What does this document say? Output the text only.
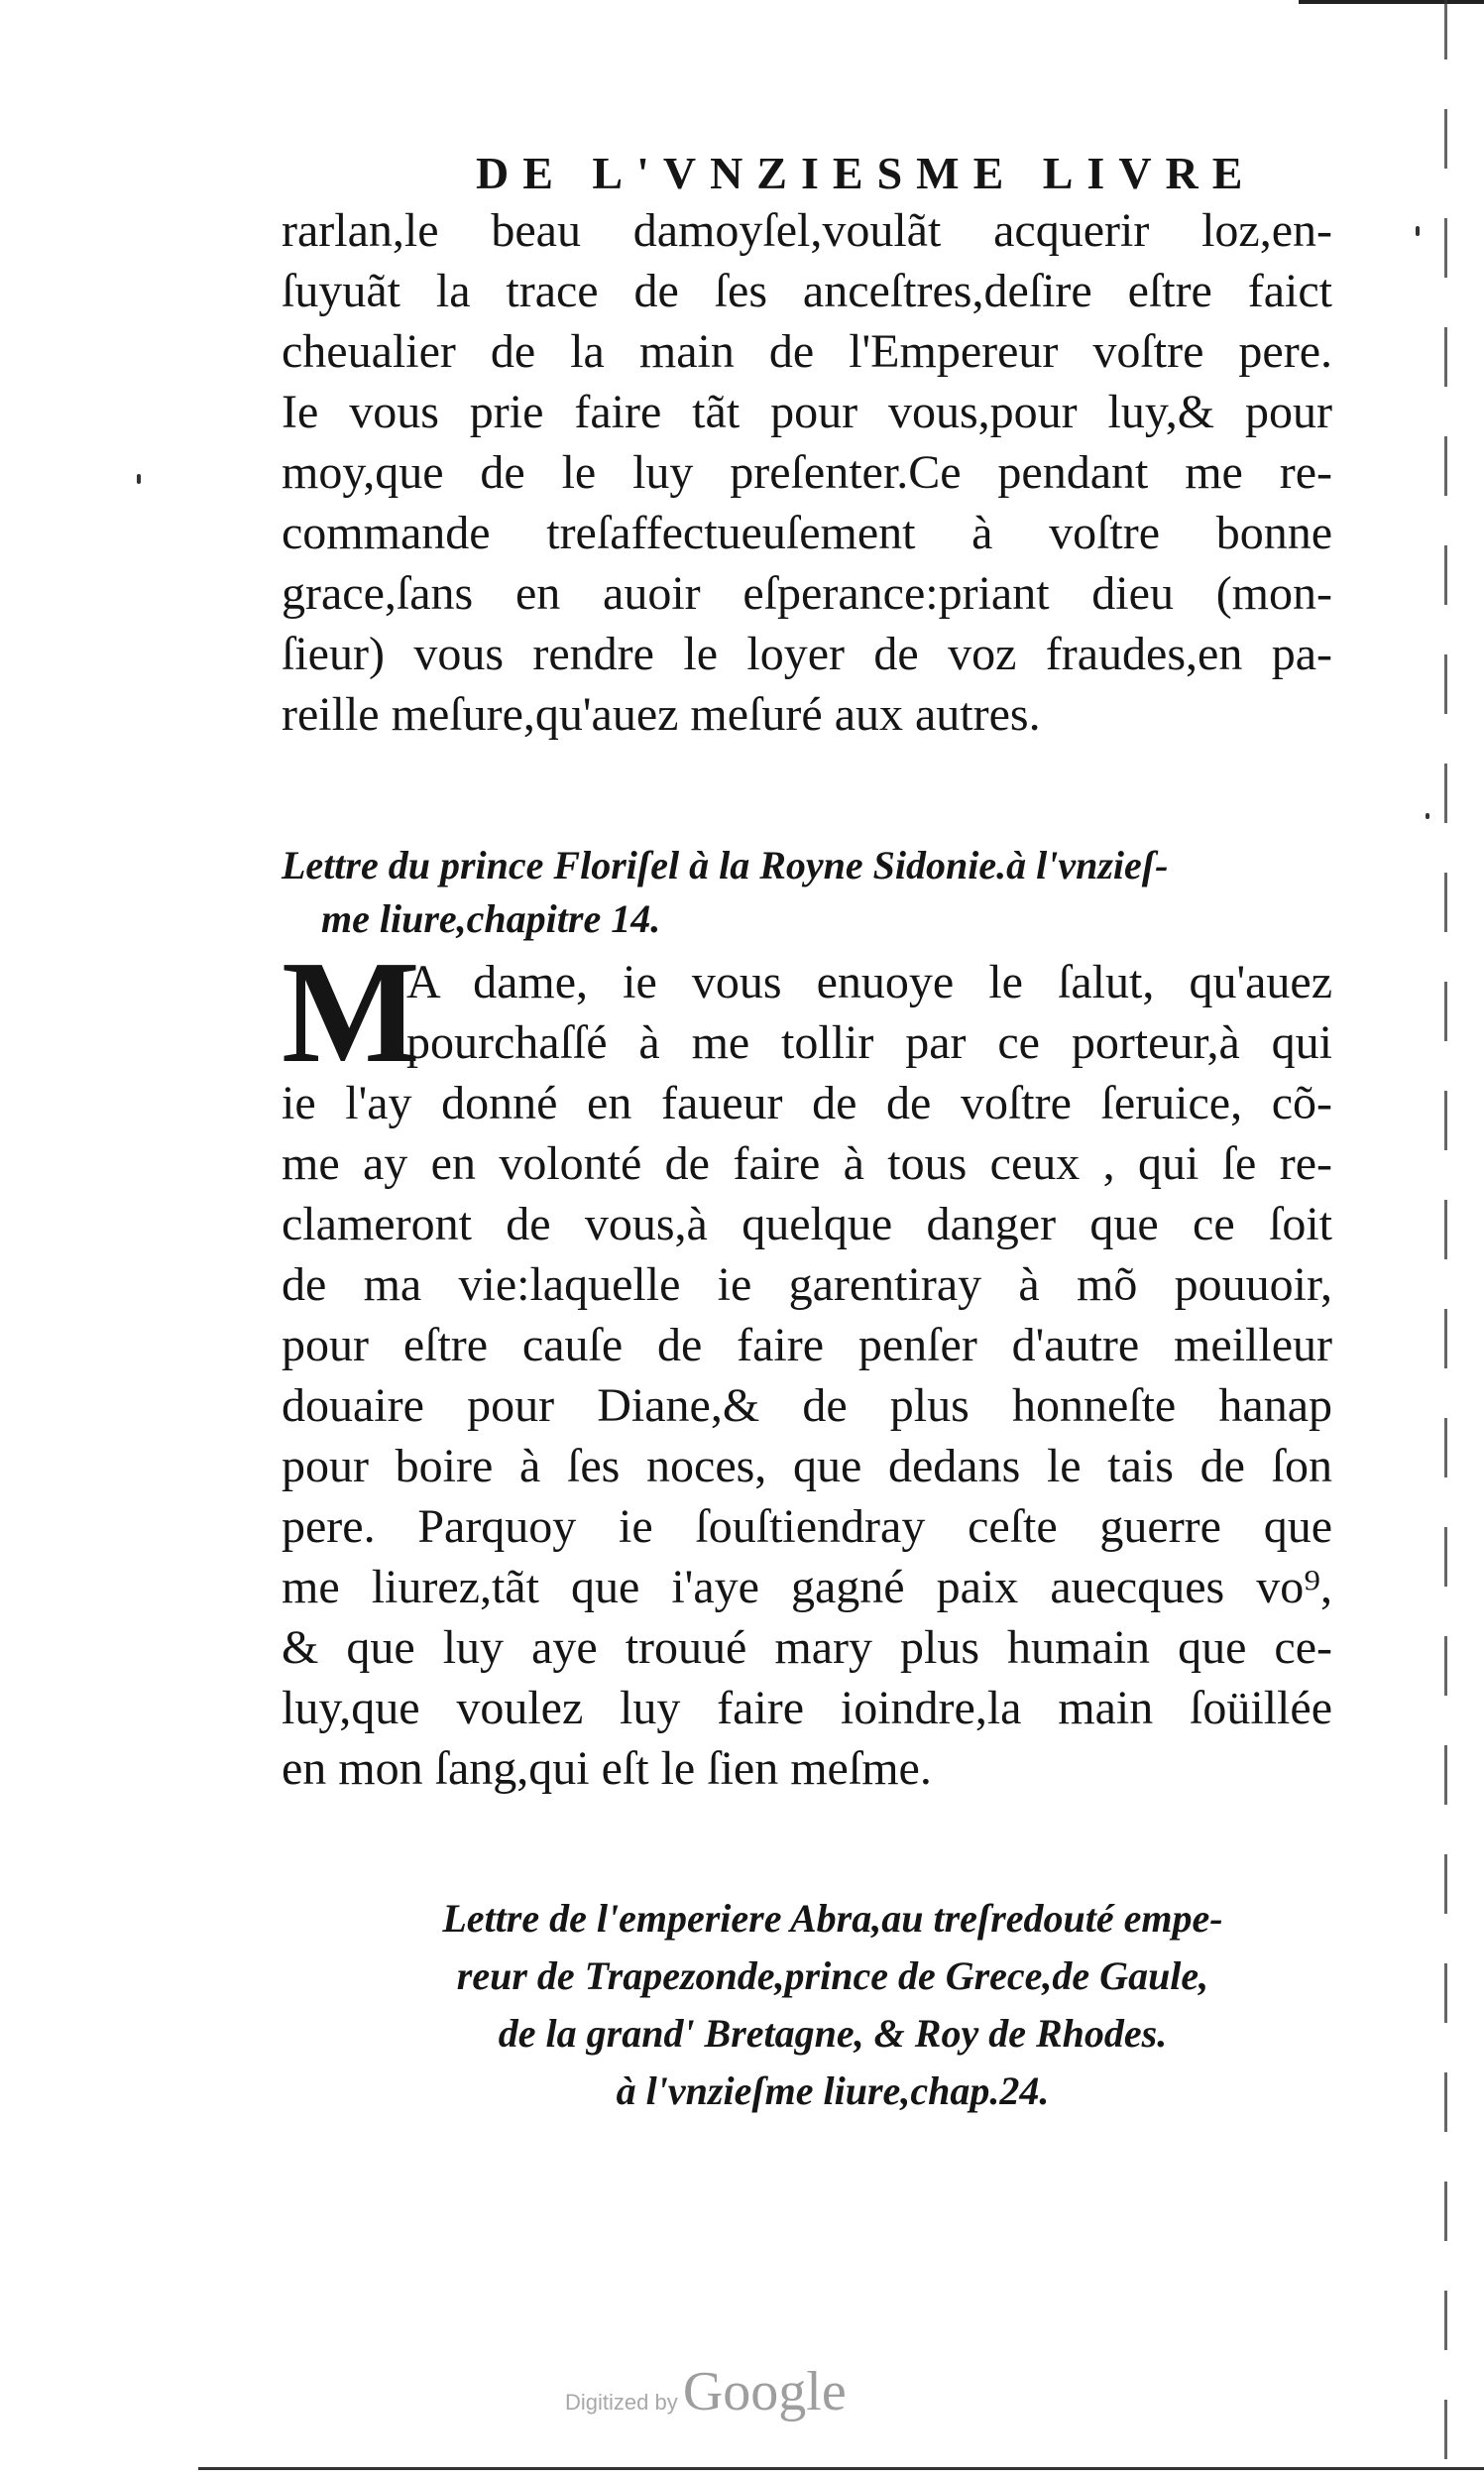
DE L'VNZIESME LIVRE
rarlan,le beau damoyſel,voulãt acquerir loz,en-
ſuyuãt la trace de ſes anceſtres,deſire eſtre faict
cheualier de la main de l'Empereur voſtre pere.
Ie vous prie faire tãt pour vous,pour luy,& pour
moy,que de le luy preſenter.Ce pendant me re-
commande treſaffectueuſement à voſtre bonne
grace,ſans en auoir eſperance:priant dieu (mon-
ſieur) vous rendre le loyer de voz fraudes,en pa-
reille meſure,qu'auez meſuré aux autres.
Lettre du prince Floriſel à la Royne Sidonie.à l'vnzieſ-
me liure,chapitre 14.
M
A dame, ie vous enuoye le ſalut, qu'auez
pourchaſſé à me tollir par ce porteur,à qui
ie l'ay donné en faueur de de voſtre ſeruice, cõ-
me ay en volonté de faire à tous ceux , qui ſe re-
clameront de vous,à quelque danger que ce ſoit
de ma vie:laquelle ie garentiray à mõ pouuoir,
pour eſtre cauſe de faire penſer d'autre meilleur
douaire pour Diane,& de plus honneſte hanap
pour boire à ſes noces, que dedans le tais de ſon
pere. Parquoy ie ſouſtiendray ceſte guerre que
me liurez,tãt que i'aye gagné paix auecques vo⁹,
& que luy aye trouué mary plus humain que ce-
luy,que voulez luy faire ioindre,la main ſoüillée
en mon ſang,qui eſt le ſien meſme.
Lettre de l'emperiere Abra,au treſredouté empe-
reur de Trapezonde,prince de Grece,de Gaule,
de la grand' Bretagne, & Roy de Rhodes.
à l'vnzieſme liure,chap.24.
Digitized by Google
